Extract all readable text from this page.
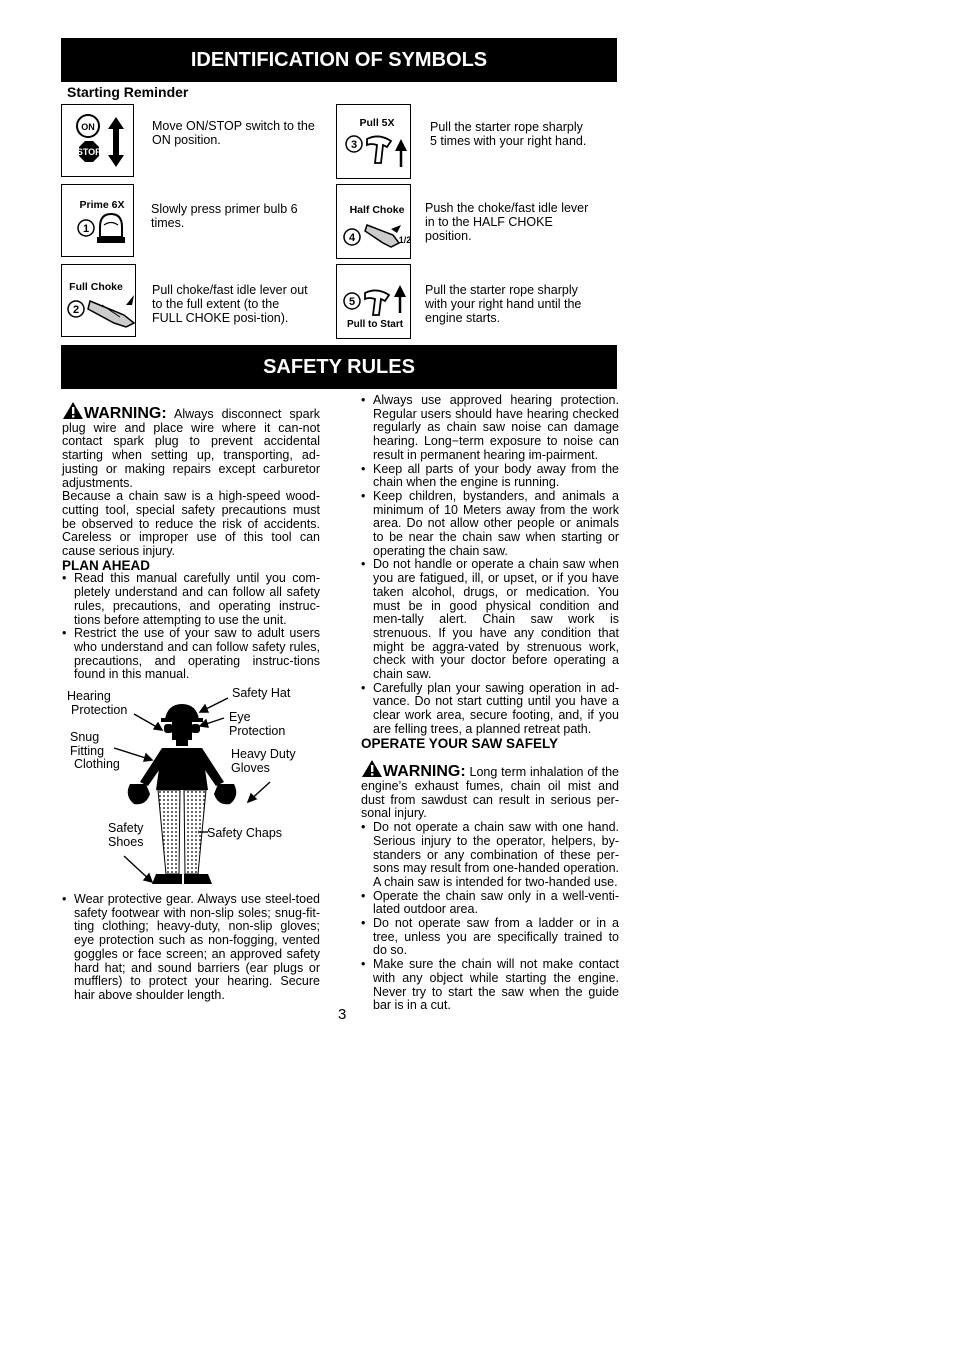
IDENTIFICATION OF SYMBOLS
Starting Reminder
ON
STOP
Move ON/STOP switch to the ON position.
Prime 6X
1
Slowly press primer bulb 6 times.
Full Choke
2
Pull choke/fast idle lever out to the full extent (to the FULL CHOKE posi-tion).
Pull 5X
3
Pull the starter rope sharply 5 times with your right hand.
Half Choke
4	1/2
Push the choke/fast idle lever in to the HALF CHOKE position.
5
Pull to Start
Pull the starter rope sharply with your right hand until the engine starts.
SAFETY RULES

WARNING: Always disconnect spark plug wire and place wire where it can-not contact spark plug to prevent accidental starting when setting up, transporting, ad-justing or making repairs except carburetor adjustments.

Because a chain saw is a high-speed wood-cutting tool, special safety precautions must be observed to reduce the risk of accidents. Careless or improper use of this tool can cause serious injury.

PLAN AHEAD

• Read this manual carefully until you com-pletely understand and can follow all safety rules, precautions, and operating instruc-tions before attempting to use the unit.

• Restrict the use of your saw to adult users who understand and can follow safety rules, precautions, and operating instruc-tions found in this manual.

Hearing
Protection
Safety Hat
Eye
Protection
Snug
Fitting
Clothing
Heavy Duty
Gloves
Safety
Shoes
Safety Chaps

• Wear protective gear. Always use steel-toed safety footwear with non-slip soles; snug-fit-ting clothing; heavy-duty, non-slip gloves; eye protection such as non-fogging, vented goggles or face screen; an approved safety hard hat; and sound barriers (ear plugs or mufflers) to protect your hearing. Secure hair above shoulder length.

• Always use approved hearing protection. Regular users should have hearing checked regularly as chain saw noise can damage hearing. Long−term exposure to noise can result in permanent hearing im-pairment.

• Keep all parts of your body away from the chain when the engine is running.

• Keep children, bystanders, and animals a minimum of 10 Meters away from the work area. Do not allow other people or animals to be near the chain saw when starting or operating the chain saw.

• Do not handle or operate a chain saw when you are fatigued, ill, or upset, or if you have taken alcohol, drugs, or medication. You must be in good physical condition and men-tally alert. Chain saw work is strenuous. If you have any condition that might be aggra-vated by strenuous work, check with your doctor before operating a chain saw.

• Carefully plan your sawing operation in ad-vance. Do not start cutting until you have a clear work area, secure footing, and, if you are felling trees, a planned retreat path.

OPERATE YOUR SAW SAFELY

WARNING: Long term inhalation of the engine’s exhaust fumes, chain oil mist and dust from sawdust can result in serious per-sonal injury.

• Do not operate a chain saw with one hand. Serious injury to the operator, helpers, by-standers or any combination of these per-sons may result from one-handed operation. A chain saw is intended for two-handed use.

• Operate the chain saw only in a well-venti-lated outdoor area.

• Do not operate saw from a ladder or in a tree, unless you are specifically trained to do so.

• Make sure the chain will not make contact with any object while starting the engine. Never try to start the saw when the guide bar is in a cut.

3
